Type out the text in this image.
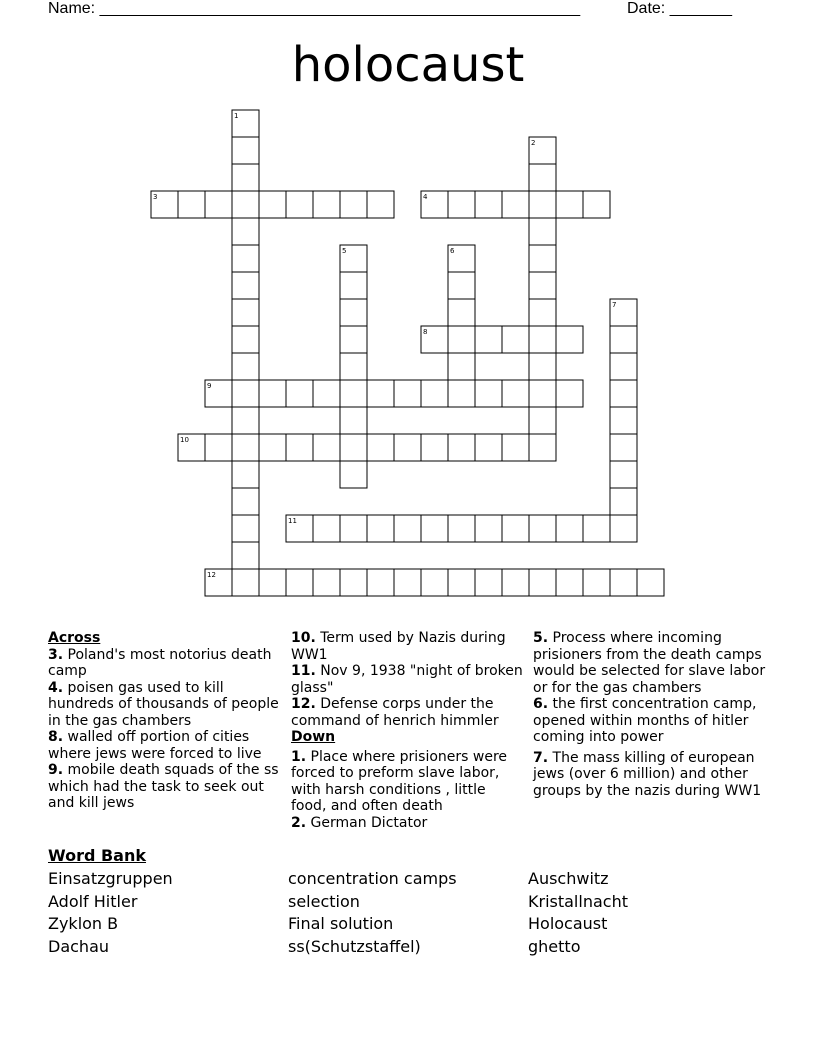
Name: ______________________________________________________	Date: _______
holocaust
1
2
3	4
5	6
7
8
9
10
11
12
Across

3. Poland's most notorius death camp

4. poisen gas used to kill hundreds of thousands of people in the gas chambers

8. walled off portion of cities where jews were forced to live

9. mobile death squads of the ss which had the task to seek out and kill jews

10. Term used by Nazis during WW1

11. Nov 9, 1938 "night of broken glass"

12. Defense corps under the command of henrich himmler

Down

1. Place where prisioners were forced to preform slave labor, with harsh conditions , little food, and often death

2. German Dictator

5. Process where incoming prisioners from the death camps would be selected for slave labor or for the gas chambers

6. the first concentration camp, opened within months of hitler coming into power

7. The mass killing of european jews (over 6 million) and other groups by the nazis during WW1

Word Bank
Einsatzgruppen
Adolf Hitler
Zyklon B
Dachau
concentration camps
selection
Final solution
ss(Schutzstaffel)
Auschwitz
Kristallnacht
Holocaust
ghetto
